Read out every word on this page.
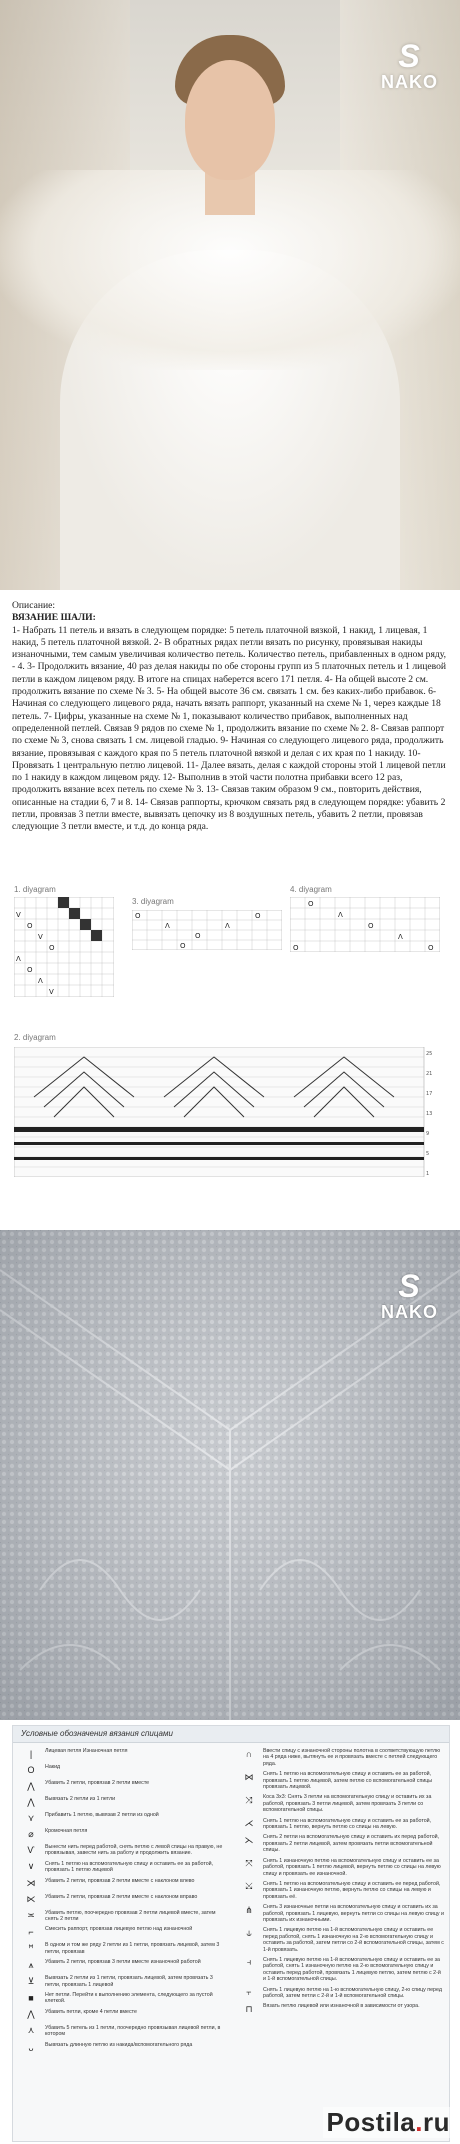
S
NAKO
Описание:
ВЯЗАНИЕ ШАЛИ:
1- Набрать 11 петель и вязать в следующем порядке: 5 петель платочной вязкой, 1 накид, 1 лицевая, 1 накид, 5 петель платочной вязкой. 2- В обратных рядах петли вязать по рисунку, провязывая накиды изнаночными, тем самым увеличивая количество петель. Количество петель, прибавленных в одном ряду, - 4. 3- Продолжить вязание, 40 раз делая накиды по обе стороны групп из 5 платочных петель и 1 лицевой петли в каждом лицевом ряду. В итоге на спицах наберется всего 171 петля. 4- На общей высоте 2 см. продолжить вязание по схеме № 3. 5- На общей высоте 36 см. связать 1 см. без каких-либо прибавок. 6- Начиная со следующего лицевого ряда, начать вязать раппорт, указанный на схеме № 1, через каждые 18 петель. 7- Цифры, указанные на схеме № 1, показывают количество прибавок, выполненных над определенной петлей. Связав 9 рядов по схеме № 1, продолжить вязание по схеме № 2. 8- Связав раппорт по схеме № 3, снова связать 1 см. лицевой гладью. 9- Начиная со следующего лицевого ряда, продолжить вязание, провязывая с каждого края по 5 петель платочной вязкой и делая с их края по 1 накиду. 10- Провязать 1 центральную петлю лицевой. 11- Далее вязать, делая с каждой стороны этой 1 лицевой петли по 1 накиду в каждом лицевом ряду. 12- Выполнив в этой части полотна прибавки всего 12 раз, продолжить вязание всех петель по схеме № 3. 13- Связав таким образом 9 см., повторить действия, описанные на стадии 6, 7 и 8. 14- Связав раппорты, крючком связать ряд в следующем порядке: убавить 2 петли, провязав 3 петли вместе, вывязать цепочку из 8 воздушных петель, убавить 2 петли, провязав следующие 3 петли вместе, и т.д. до конца ряда.
1. diyagram
V
O
V
O
Λ
O
Λ
V
3. diyagram
O
Λ
O
Λ
O
O
4. diyagram
O
Λ
O
Λ
O	O
2. diyagram
25
21
17
13
9
5
1
S
NAKO
Условные обозначения вязания спицами
|	Лицевая петля Изнаночная петля
O	Накид
⋀	Убавить 2 петли, провязав 2 петли вместе
⋀	Вывязать 2 петли из 1 петли
⋎	Прибавить 1 петлю, вывязав 2 петли из одной
⌀	Кромочная петля
Ѵ	Вынести нить перед работой, снять петлю с левой спицы на правую, не провязывая, завести нить за работу и продолжить вязание.
∨	Снять 1 петлю на вспомогательную спицу и оставить ее за работой, провязать 1 петлю лицевой
⋊	Убавить 2 петли, провязав 2 петли вместе с наклоном влево
⋉	Убавить 2 петли, провязав 2 петли вместе с наклоном вправо
≍	Убавить петлю, поочередно провязав 2 петли лицевой вместе, затем снять 2 петли
⌐	Смесить раппорт, провязав лицевую петлю над изнаночной
ꟸ	В одном и том же ряду 2 петли из 1 петли, провязать лицевой, затем 3 петли, провязав
⩚	Убавить 2 петли, провязав 3 петли вместе изнаночной работой
⊻	Вывязать 2 петли из 1 петли, провязать лицевой, затем провязать 3 петли, провязать 1 лицевой
■	Нет петли. Перейти к выполнению элемента, следующего за пустой клеткой.
⋀	Убавить петли, кроме 4 петли вместе
⋏	Убавить 5 петель из 1 петли, поочередно провязывая лицевой петли, в котором
ᴗ	Вывязать длинную петлю из накида/вспомогательного ряда
∩	Ввести спицу с изнаночной стороны полотна в соответствующую петлю на 4 ряда ниже, вытянуть ее и провязать вместе с петлей следующего ряда.
⋈	Снять 1 петлю на вспомогательную спицу и оставить ее за работой, провязать 1 петлю лицевой, затем петлю со вспомогательной спицы провязать лицевой.
⤨	Коса 3х3: Снять 3 петли на вспомогательную спицу и оставить их за работой, провязать 3 петли лицевой, затем провязать 3 петли со вспомогательной спицы.
⋌	Снять 1 петлю на вспомогательную спицу и оставить ее за работой, провязать 1 петлю, вернуть петлю со спицы на левую.
⋋	Снять 2 петли на вспомогательную спицу и оставить их перед работой, провязать 2 петли лицевой, затем провязать петли вспомогательной спицы.
⤧	Снять 1 изнаночную петлю на вспомогательную спицу и оставить ее за работой, провязать 1 петлю лицевой, вернуть петлю со спицы на левую спицу и провязать ее изнаночной.
⤩	Снять 1 петлю на вспомогательную спицу и оставить ее перед работой, провязать 1 изнаночную петлю, вернуть петлю со спицы на левую и провязать её.
⋔	Снять 3 изнаночные петли на вспомогательную спицу и оставить их за работой, провязать 1 лицевую, вернуть петли со спицы на левую спицу и провязать их изнаночными.
⫝	Снять 1 лицевую петлю на 1-й вспомогательную спицу и оставить ее перед работой, снять 1 изнаночную на 2-ю вспомогательную спицу и оставить за работой, затем петли со 2-й вспомогательной спицы, затем с 1-й провязать.
⫞	Снять 1 лицевую петлю на 1-й вспомогательную спицу и оставить ее за работой, снять 1 изнаночную петлю на 2-ю вспомогательную спицу и оставить перед работой, провязать 1 лицевую петлю, затем петлю с 2-й и 1-й вспомогательной спицы.
⫟	Снять 1 лицевую петлю на 1-ю вспомогательную спицу, 2-ю спицу перед работой, затем петли с 2-й и 1-й вспомогательной спицы.
⊓	Вязать петлю лицевой или изнаночной в зависимости от узора.
Postila.ru
